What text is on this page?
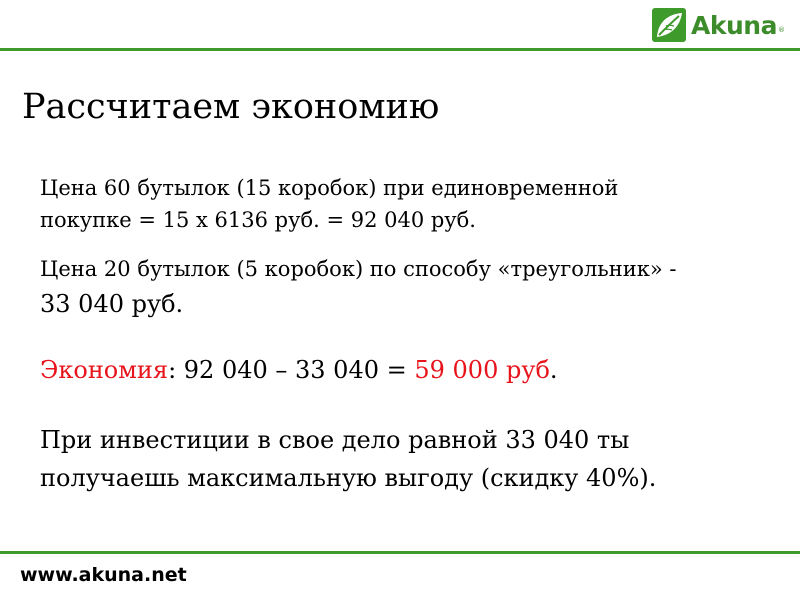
Akuna ®
Рассчитаем экономию

Цена 60 бутылок (15 коробок) при единовременной

покупке = 15 х 6136 руб. = 92 040 руб.

Цена 20 бутылок (5 коробок) по способу «треугольник» -

33 040 руб.

Экономия: 92 040 – 33 040 = 59 000 руб.

При инвестиции в свое дело равной 33 040 ты

получаешь максимальную выгоду (скидку 40%).

www.akuna.net
